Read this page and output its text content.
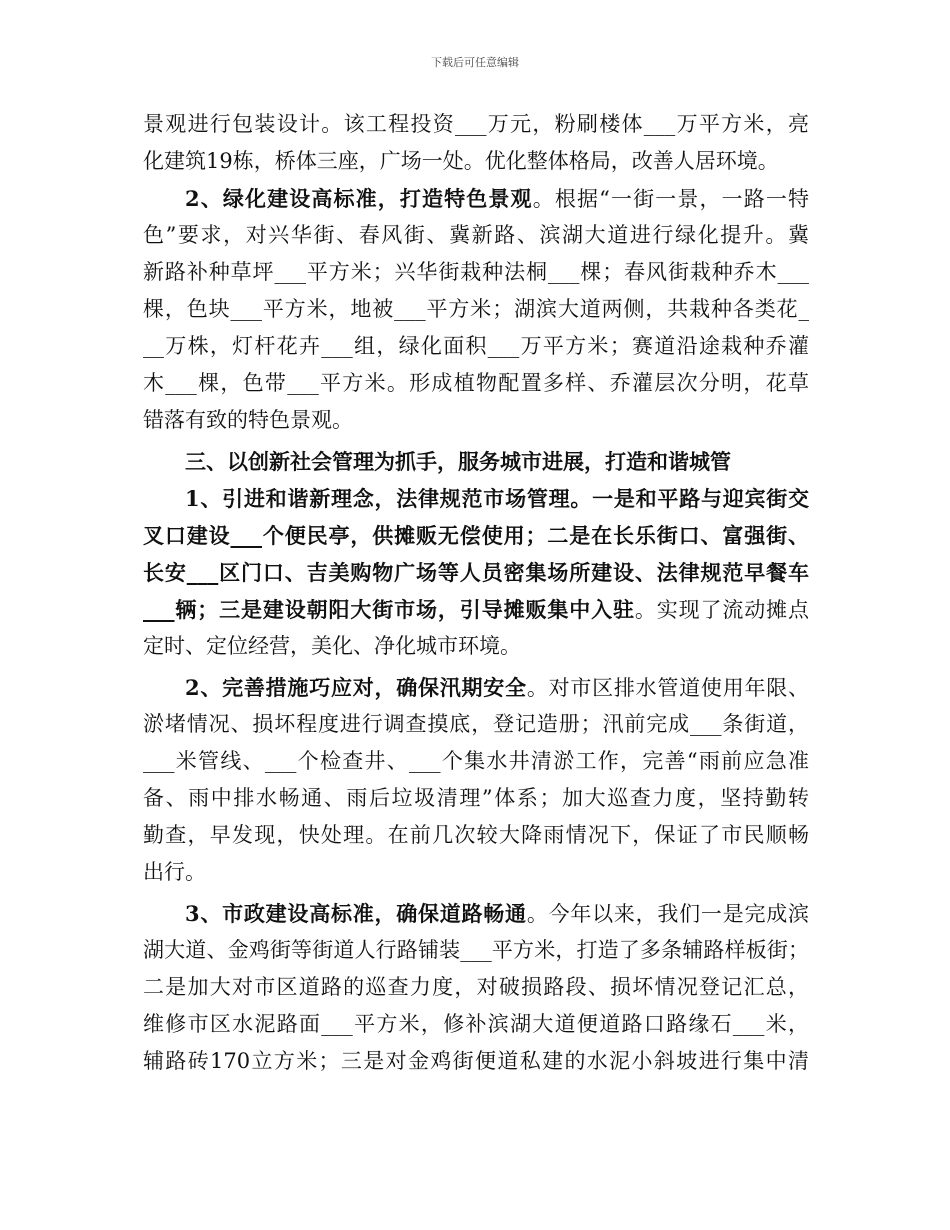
下载后可任意编辑
景观进行包装设计。该工程投资___万元，粉刷楼体___万平方米，亮
化建筑19栋，桥体三座，广场一处。优化整体格局，改善人居环境。
2、绿化建设高标准，打造特色景观。根据“一街一景，一路一特
色”要求，对兴华街、春风街、冀新路、滨湖大道进行绿化提升。冀
新路补种草坪___平方米；兴华街栽种法桐___棵；春风街栽种乔木___
棵，色块___平方米，地被___平方米；湖滨大道两侧，共栽种各类花_
__万株，灯杆花卉___组，绿化面积___万平方米；赛道沿途栽种乔灌
木___棵，色带___平方米。形成植物配置多样、乔灌层次分明，花草
错落有致的特色景观。
三、以创新社会管理为抓手，服务城市进展，打造和谐城管
1、引进和谐新理念，法律规范市场管理。一是和平路与迎宾街交
叉口建设___个便民亭，供摊贩无偿使用；二是在长乐街口、富强街、
长安___区门口、吉美购物广场等人员密集场所建设、法律规范早餐车
___辆；三是建设朝阳大街市场，引导摊贩集中入驻。实现了流动摊点
定时、定位经营，美化、净化城市环境。
2、完善措施巧应对，确保汛期安全。对市区排水管道使用年限、
淤堵情况、损坏程度进行调查摸底，登记造册；汛前完成___条街道，
___米管线、___个检查井、___个集水井清淤工作，完善“雨前应急准
备、雨中排水畅通、雨后垃圾清理”体系；加大巡查力度，坚持勤转
勤查，早发现，快处理。在前几次较大降雨情况下，保证了市民顺畅
出行。
3、市政建设高标准，确保道路畅通。今年以来，我们一是完成滨
湖大道、金鸡街等街道人行路铺装___平方米，打造了多条辅路样板街；
二是加大对市区道路的巡查力度，对破损路段、损坏情况登记汇总，
维修市区水泥路面___平方米，修补滨湖大道便道路口路缘石___米，
辅路砖170立方米；三是对金鸡街便道私建的水泥小斜坡进行集中清
